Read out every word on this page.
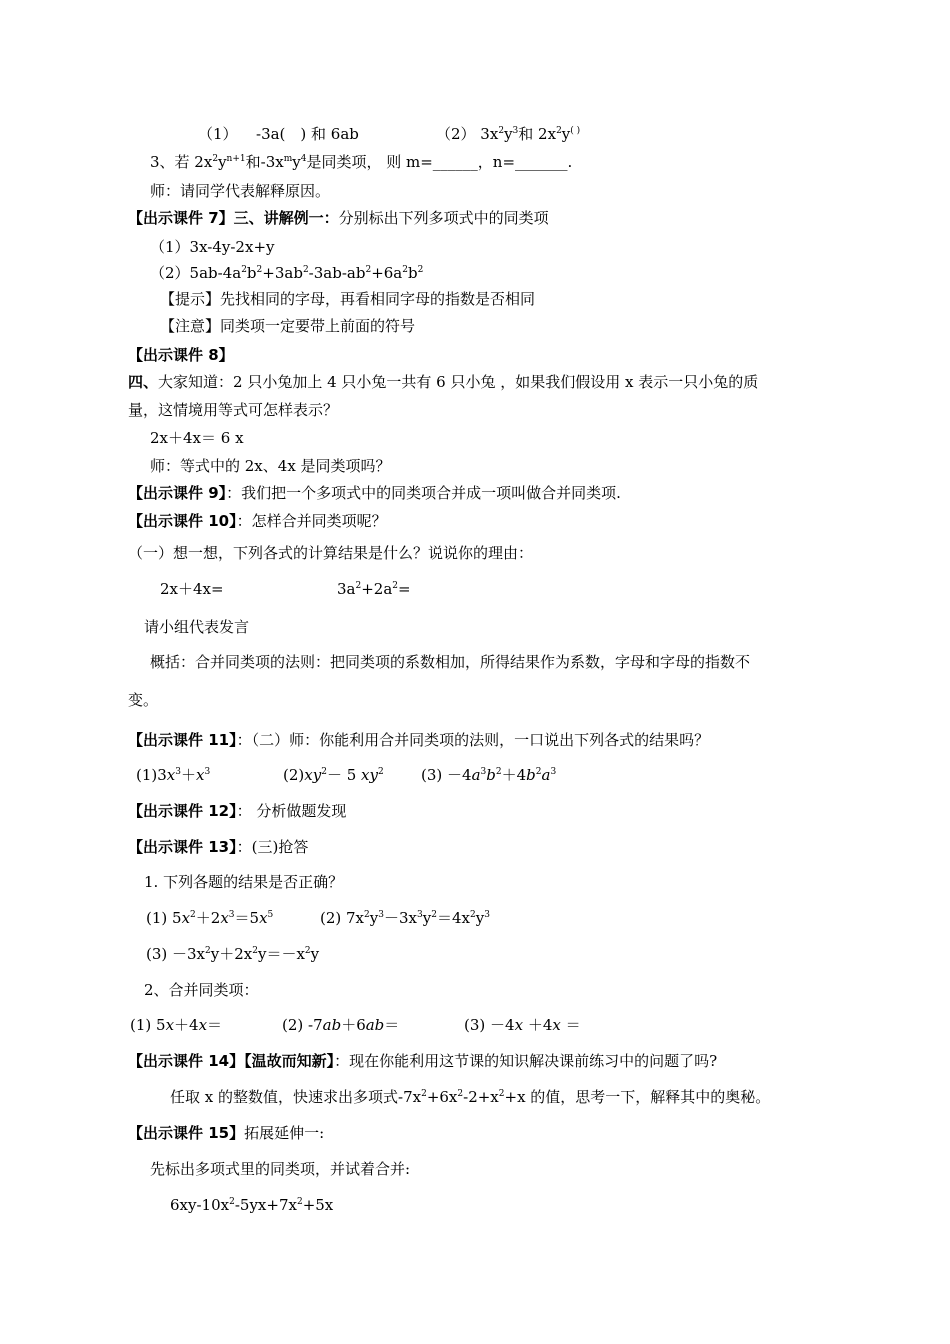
（1） -3a(　) 和 6ab	（2） $3x^2y^3$和 $2x^2y^{( )}$
3、若 $2x^2y^{n+1}$和$-3x^my^4$是同类项， 则 m=______，n=_______.
师：请同学代表解释原因。
【出示课件 7】三、讲解例一：分别标出下列多项式中的同类项
（1）3x-4y-2x+y
$(2)5ab-4a^2b^2+3ab^2-3ab-ab^2+6a^2b^2$
【提示】先找相同的字母，再看相同字母的指数是否相同
【注意】同类项一定要带上前面的符号
【出示课件 8】
四、大家知道：2 只小兔加上 4 只小兔一共有 6 只小兔 ，如果我们假设用 x 表示一只小兔的质
量，这情境用等式可怎样表示？
2x＋4x＝ 6 x
师：等式中的 2x、4x 是同类项吗？
【出示课件 9】：我们把一个多项式中的同类项合并成一项叫做合并同类项.
【出示课件 10】：怎样合并同类项呢？
（一）想一想，下列各式的计算结果是什么？说说你的理由：
2x＋4x=	$3a^2+2a^2=$
请小组代表发言
概括：合并同类项的法则：把同类项的系数相加，所得结果作为系数，字母和字母的指数不
变。
【出示课件 11】：（二）师：你能利用合并同类项的法则，一口说出下列各式的结果吗？
$(1)3x^3+x^3$	$(2)xy^2- 5$ $xy^2$ $(3) -4a^3b^2+4b^2a^3$
【出示课件 12】： 分析做题发现
【出示课件 13】：(三)抢答
1. 下列各题的结果是否正确？
(1) $5x^2+2x^3=5x^5$	(2) $7x^2y^3-3x^3y^2=4x^2y^3$
$(3) -3x^2y+2x^2y=-x^2y$
2、合并同类项：
(1) 5x＋4x＝	(2) -7ab＋6ab＝	(3) －4x ＋4x ＝
【出示课件 14】【温故而知新】：现在你能利用这节课的知识解决课前练习中的问题了吗?
任取 x 的整数值，快速求出多项式$-7x^2+6x^2-2+x^2+x$ 的值，思考一下，解释其中的奥秘。
【出示课件 15】拓展延伸一:
先标出多项式里的同类项，并试着合并:
$6xy-10x^2-5yx+7x^2+5x$
